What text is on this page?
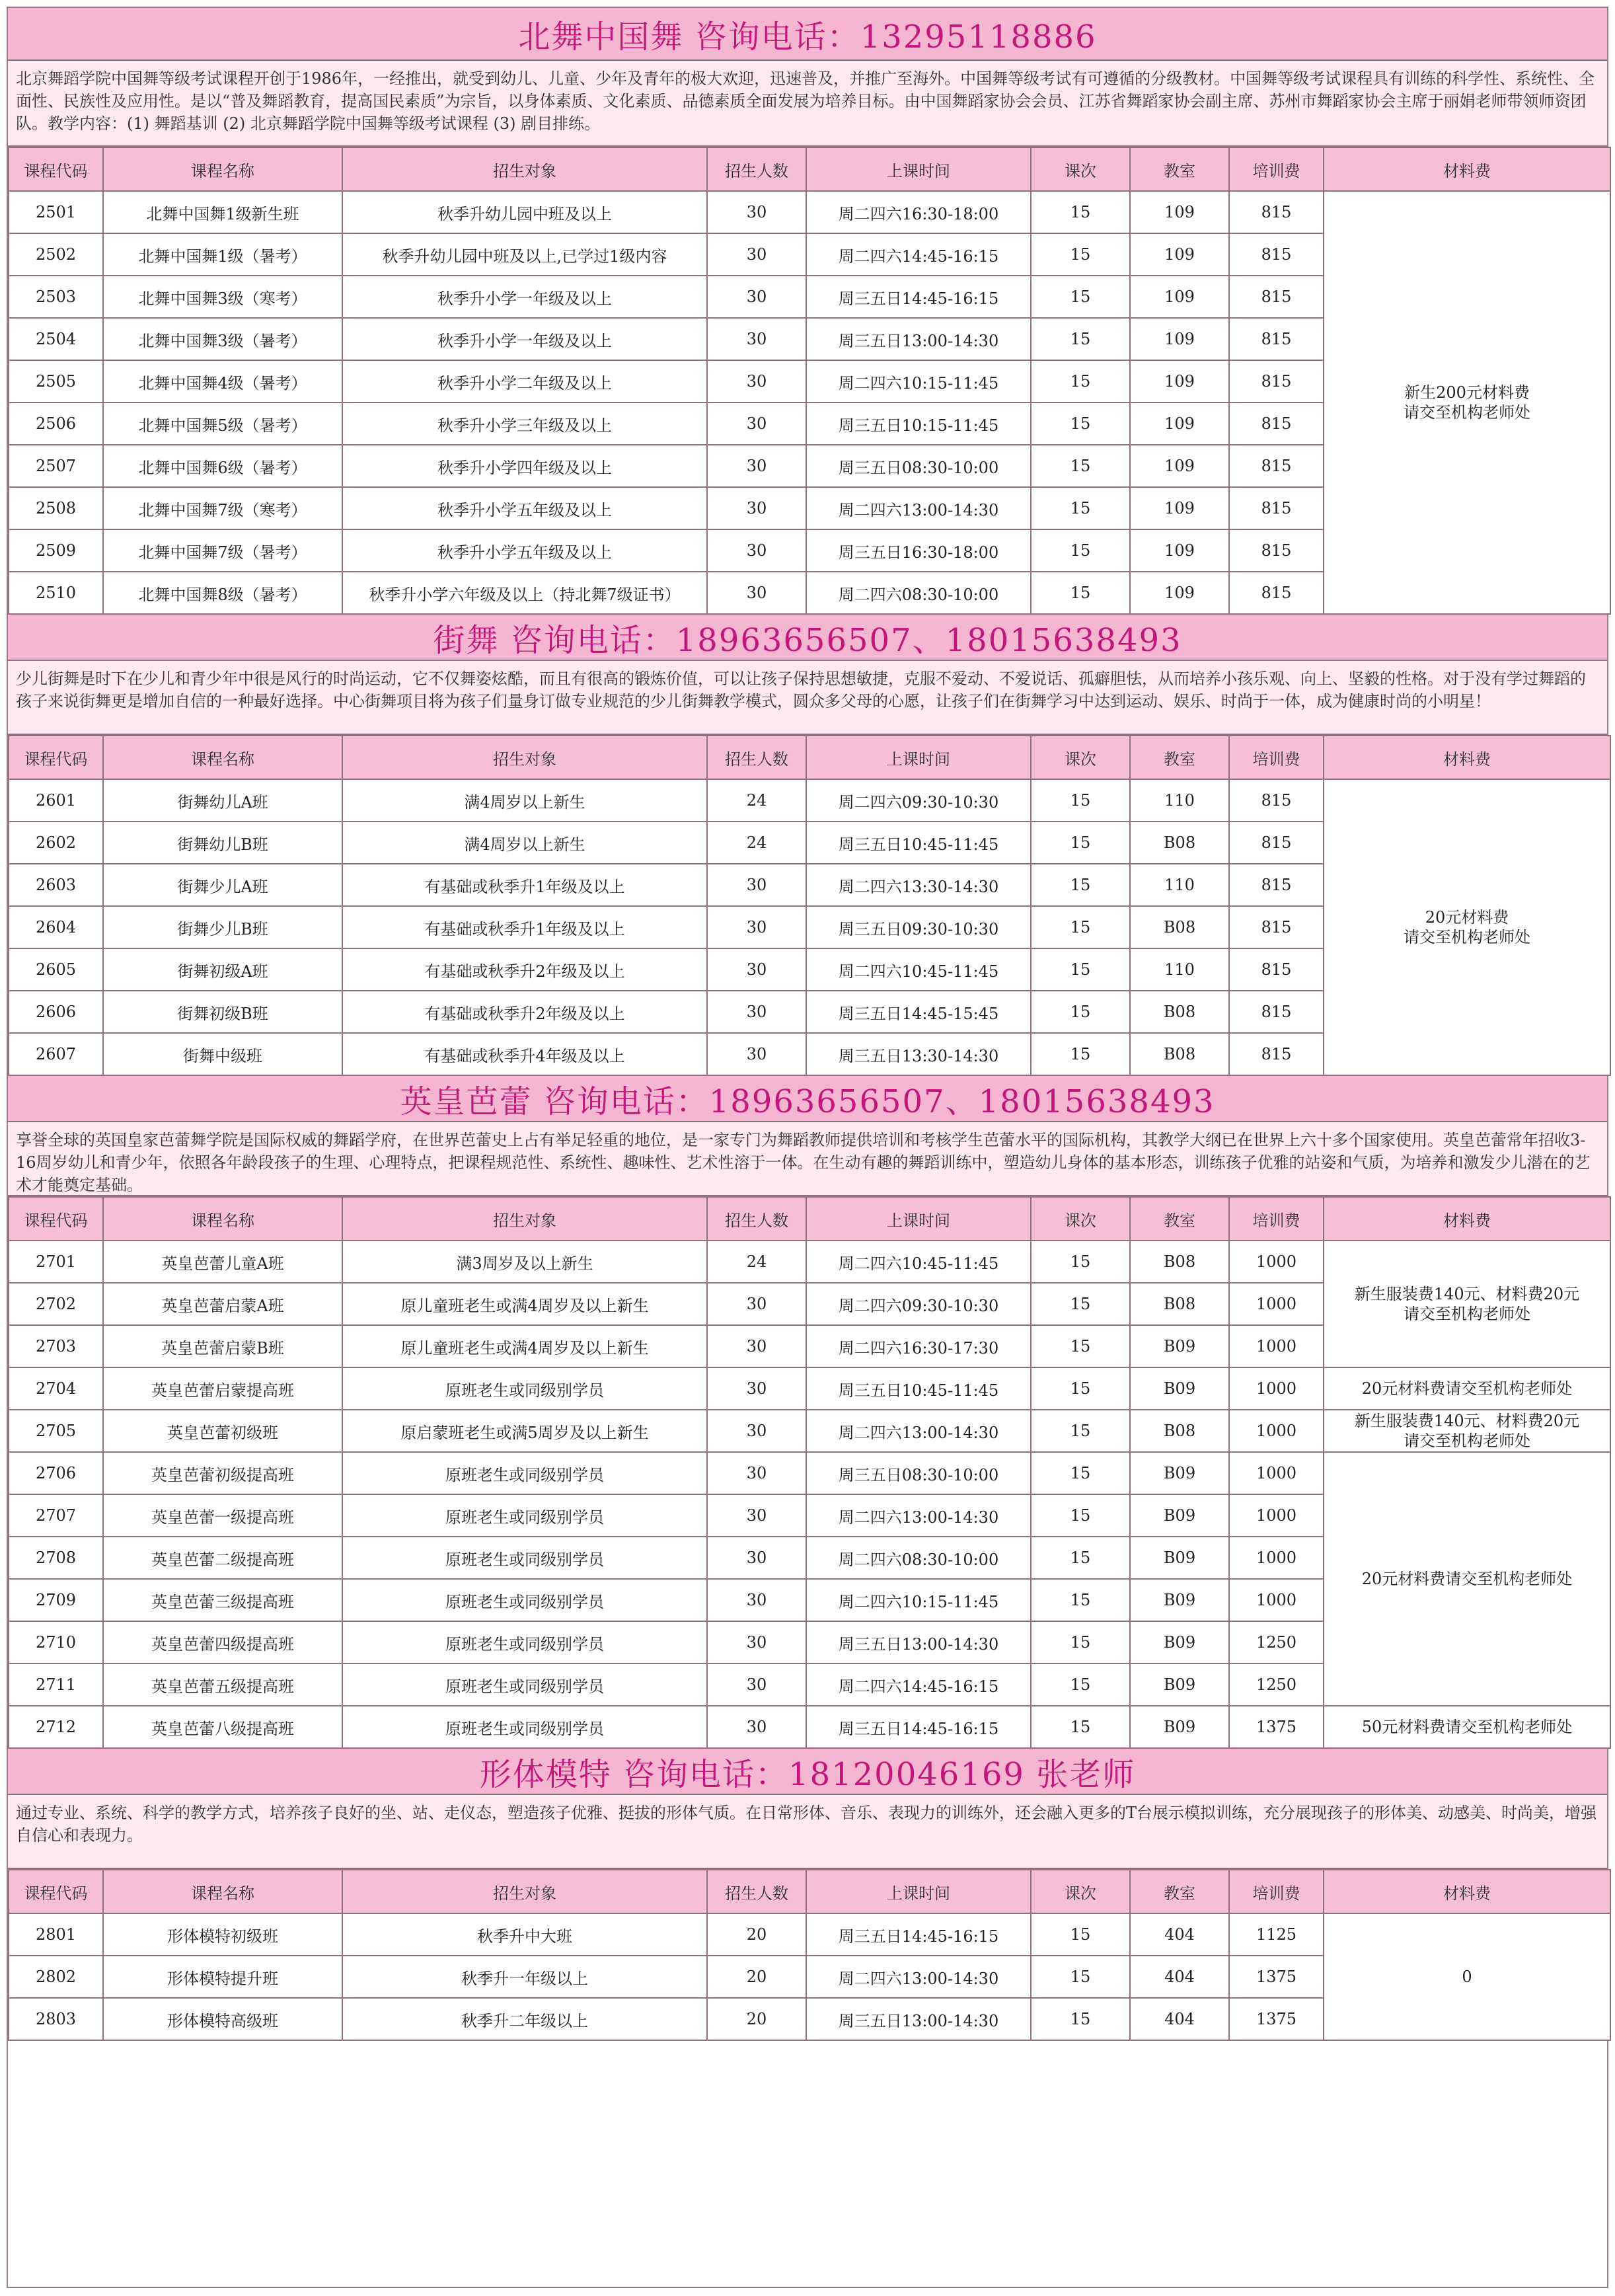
北舞中国舞 咨询电话：13295118886
北京舞蹈学院中国舞等级考试课程开创于1986年，一经推出，就受到幼儿、儿童、少年及青年的极大欢迎，迅速普及，并推广至海外。中国舞等级考试有可遵循的分级教材。中国舞等级考试课程具有训练的科学性、系统性、全面性、民族性及应用性。是以“普及舞蹈教育，提高国民素质”为宗旨，以身体素质、文化素质、品德素质全面发展为培养目标。由中国舞蹈家协会会员、江苏省舞蹈家协会副主席、苏州市舞蹈家协会主席于丽娟老师带领师资团队。教学内容：(1) 舞蹈基训 (2) 北京舞蹈学院中国舞等级考试课程 (3) 剧目排练。
课程代码	课程名称	招生对象	招生人数	上课时间	课次	教室	培训费	材料费
2501	北舞中国舞1级新生班	秋季升幼儿园中班及以上	30	周二四六16:30-18:00	15	109	815	新生200元材料费
请交至机构老师处
2502	北舞中国舞1级（暑考）	秋季升幼儿园中班及以上,已学过1级内容	30	周二四六14:45-16:15	15	109	815	
2503	北舞中国舞3级（寒考）	秋季升小学一年级及以上	30	周三五日14:45-16:15	15	109	815	
2504	北舞中国舞3级（暑考）	秋季升小学一年级及以上	30	周三五日13:00-14:30	15	109	815	
2505	北舞中国舞4级（暑考）	秋季升小学二年级及以上	30	周二四六10:15-11:45	15	109	815	
2506	北舞中国舞5级（暑考）	秋季升小学三年级及以上	30	周三五日10:15-11:45	15	109	815	
2507	北舞中国舞6级（暑考）	秋季升小学四年级及以上	30	周三五日08:30-10:00	15	109	815	
2508	北舞中国舞7级（寒考）	秋季升小学五年级及以上	30	周二四六13:00-14:30	15	109	815	
2509	北舞中国舞7级（暑考）	秋季升小学五年级及以上	30	周三五日16:30-18:00	15	109	815	
2510	北舞中国舞8级（暑考）	秋季升小学六年级及以上（持北舞7级证书）	30	周二四六08:30-10:00	15	109	815	
街舞 咨询电话：18963656507、18015638493
少儿街舞是时下在少儿和青少年中很是风行的时尚运动，它不仅舞姿炫酷，而且有很高的锻炼价值，可以让孩子保持思想敏捷，克服不爱动、不爱说话、孤癖胆怯，从而培养小孩乐观、向上、坚毅的性格。对于没有学过舞蹈的孩子来说街舞更是增加自信的一种最好选择。中心街舞项目将为孩子们量身订做专业规范的少儿街舞教学模式，圆众多父母的心愿，让孩子们在街舞学习中达到运动、娱乐、时尚于一体，成为健康时尚的小明星！
课程代码	课程名称	招生对象	招生人数	上课时间	课次	教室	培训费	材料费
2601	街舞幼儿A班	满4周岁以上新生	24	周二四六09:30-10:30	15	110	815	20元材料费
请交至机构老师处
2602	街舞幼儿B班	满4周岁以上新生	24	周三五日10:45-11:45	15	B08	815	
2603	街舞少儿A班	有基础或秋季升1年级及以上	30	周二四六13:30-14:30	15	110	815	
2604	街舞少儿B班	有基础或秋季升1年级及以上	30	周三五日09:30-10:30	15	B08	815	
2605	街舞初级A班	有基础或秋季升2年级及以上	30	周二四六10:45-11:45	15	110	815	
2606	街舞初级B班	有基础或秋季升2年级及以上	30	周三五日14:45-15:45	15	B08	815	
2607	街舞中级班	有基础或秋季升4年级及以上	30	周三五日13:30-14:30	15	B08	815	
英皇芭蕾 咨询电话：18963656507、18015638493
享誉全球的英国皇家芭蕾舞学院是国际权威的舞蹈学府，在世界芭蕾史上占有举足轻重的地位，是一家专门为舞蹈教师提供培训和考核学生芭蕾水平的国际机构，其教学大纲已在世界上六十多个国家使用。英皇芭蕾常年招收3-16周岁幼儿和青少年，依照各年龄段孩子的生理、心理特点，把课程规范性、系统性、趣味性、艺术性溶于一体。在生动有趣的舞蹈训练中，塑造幼儿身体的基本形态，训练孩子优雅的站姿和气质，为培养和激发少儿潜在的艺术才能奠定基础。
课程代码	课程名称	招生对象	招生人数	上课时间	课次	教室	培训费	材料费
2701	英皇芭蕾儿童A班	满3周岁及以上新生	24	周二四六10:45-11:45	15	B08	1000	新生服装费140元、材料费20元
请交至机构老师处
2702	英皇芭蕾启蒙A班	原儿童班老生或满4周岁及以上新生	30	周二四六09:30-10:30	15	B08	1000	
2703	英皇芭蕾启蒙B班	原儿童班老生或满4周岁及以上新生	30	周二四六16:30-17:30	15	B09	1000	
2704	英皇芭蕾启蒙提高班	原班老生或同级别学员	30	周三五日10:45-11:45	15	B09	1000	20元材料费请交至机构老师处
2705	英皇芭蕾初级班	原启蒙班老生或满5周岁及以上新生	30	周二四六13:00-14:30	15	B08	1000	新生服装费140元、材料费20元
请交至机构老师处
2706	英皇芭蕾初级提高班	原班老生或同级别学员	30	周三五日08:30-10:00	15	B09	1000	20元材料费请交至机构老师处
2707	英皇芭蕾一级提高班	原班老生或同级别学员	30	周二四六13:00-14:30	15	B09	1000	
2708	英皇芭蕾二级提高班	原班老生或同级别学员	30	周二四六08:30-10:00	15	B09	1000	
2709	英皇芭蕾三级提高班	原班老生或同级别学员	30	周二四六10:15-11:45	15	B09	1000	
2710	英皇芭蕾四级提高班	原班老生或同级别学员	30	周三五日13:00-14:30	15	B09	1250	
2711	英皇芭蕾五级提高班	原班老生或同级别学员	30	周二四六14:45-16:15	15	B09	1250	
2712	英皇芭蕾八级提高班	原班老生或同级别学员	30	周三五日14:45-16:15	15	B09	1375	50元材料费请交至机构老师处
形体模特 咨询电话：18120046169 张老师
通过专业、系统、科学的教学方式，培养孩子良好的坐、站、走仪态，塑造孩子优雅、挺拔的形体气质。在日常形体、音乐、表现力的训练外，还会融入更多的T台展示模拟训练，充分展现孩子的形体美、动感美、时尚美，增强自信心和表现力。
课程代码	课程名称	招生对象	招生人数	上课时间	课次	教室	培训费	材料费
2801	形体模特初级班	秋季升中大班	20	周三五日14:45-16:15	15	404	1125	0
2802	形体模特提升班	秋季升一年级以上	20	周二四六13:00-14:30	15	404	1375	
2803	形体模特高级班	秋季升二年级以上	20	周三五日13:00-14:30	15	404	1375	
